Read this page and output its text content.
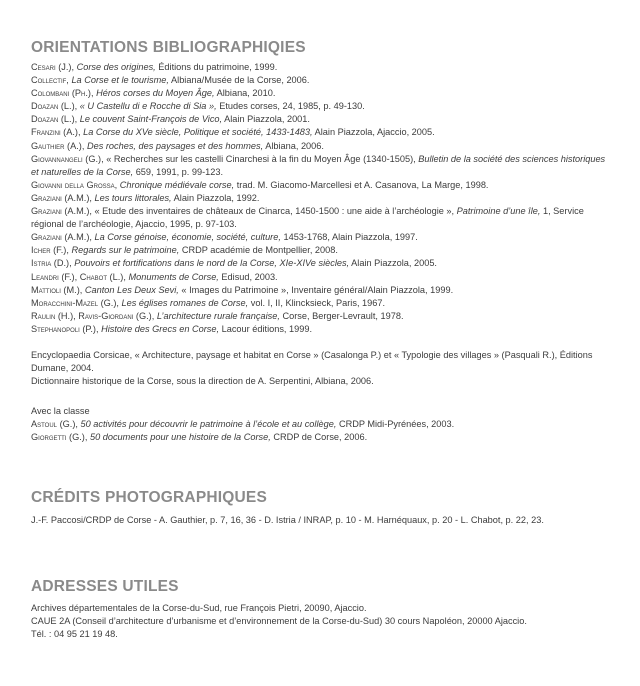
ORIENTATIONS BIBLIOGRAPHIQIES

Cesari (J.), Corse des origines, Éditions du patrimoine, 1999.

Collectif, La Corse et le tourisme, Albiana/Musée de la Corse, 2006.

Colombani (Ph.), Héros corses du Moyen Âge, Albiana, 2010.

Doazan (L.), « U Castellu di e Rocche di Sia », Etudes corses, 24, 1985, p. 49-130.

Doazan (L.), Le couvent Saint-François de Vico, Alain Piazzola, 2001.

Franzini (A.), La Corse du XVe siècle, Politique et société, 1433-1483, Alain Piazzola, Ajaccio, 2005.

Gauthier (A.), Des roches, des paysages et des hommes, Albiana, 2006.

Giovannangeli (G.), « Recherches sur les castelli Cinarchesi à la fin du Moyen Âge (1340-1505), Bulletin de la société des sciences historiques et naturelles de la Corse, 659, 1991, p. 99-123.

Giovanni della Grossa, Chronique médiévale corse, trad. M. Giacomo-Marcellesi et A. Casanova, La Marge, 1998.

Graziani (A.M.), Les tours littorales, Alain Piazzola, 1992.

Graziani (A.M.), « Etude des inventaires de châteaux de Cinarca, 1450-1500 : une aide à l’archéologie », Patrimoine d’une île, 1, Service régional de l’archéologie, Ajaccio, 1995, p. 97-103.

Graziani (A.M.), La Corse génoise, économie, société, culture, 1453-1768, Alain Piazzola, 1997.

Icher (F.), Regards sur le patrimoine, CRDP académie de Montpellier, 2008.

Istria (D.), Pouvoirs et fortifications dans le nord de la Corse, XIe-XIVe siècles, Alain Piazzola, 2005.

Leandri (F.), Chabot (L.), Monuments de Corse, Edisud, 2003.

Mattioli (M.), Canton Les Deux Sevi, « Images du Patrimoine », Inventaire général/Alain Piazzola, 1999.

Moracchini-Mazel (G.), Les églises romanes de Corse, vol. I, II, Klincksieck, Paris, 1967.

Raulin (H.), Ravis-Giordani (G.), L’architecture rurale française, Corse, Berger-Levrault, 1978.

Stephanopoli (P.), Histoire des Grecs en Corse, Lacour éditions, 1999.

Encyclopaedia Corsicae, « Architecture, paysage et habitat en Corse » (Casalonga P.) et « Typologie des villages » (Pasquali R.), Éditions Dumane, 2004.

Dictionnaire historique de la Corse, sous la direction de A. Serpentini, Albiana, 2006.

Avec la classe

Astoul (G.), 50 activités pour découvrir le patrimoine à l’école et au collège, CRDP Midi-Pyrénées, 2003.

Giorgetti (G.), 50 documents pour une histoire de la Corse, CRDP de Corse, 2006.

CRÉDITS PHOTOGRAPHIQUES

J.-F. Paccosi/CRDP de Corse - A. Gauthier, p. 7, 16, 36 - D. Istria / INRAP, p. 10 - M. Harnéquaux, p. 20 - L. Chabot, p. 22, 23.

ADRESSES UTILES

Archives départementales de la Corse-du-Sud, rue François Pietri, 20090, Ajaccio.

CAUE 2A (Conseil d’architecture d’urbanisme et d’environnement de la Corse-du-Sud) 30 cours Napoléon, 20000 Ajaccio.

Tél. : 04 95 21 19 48.
